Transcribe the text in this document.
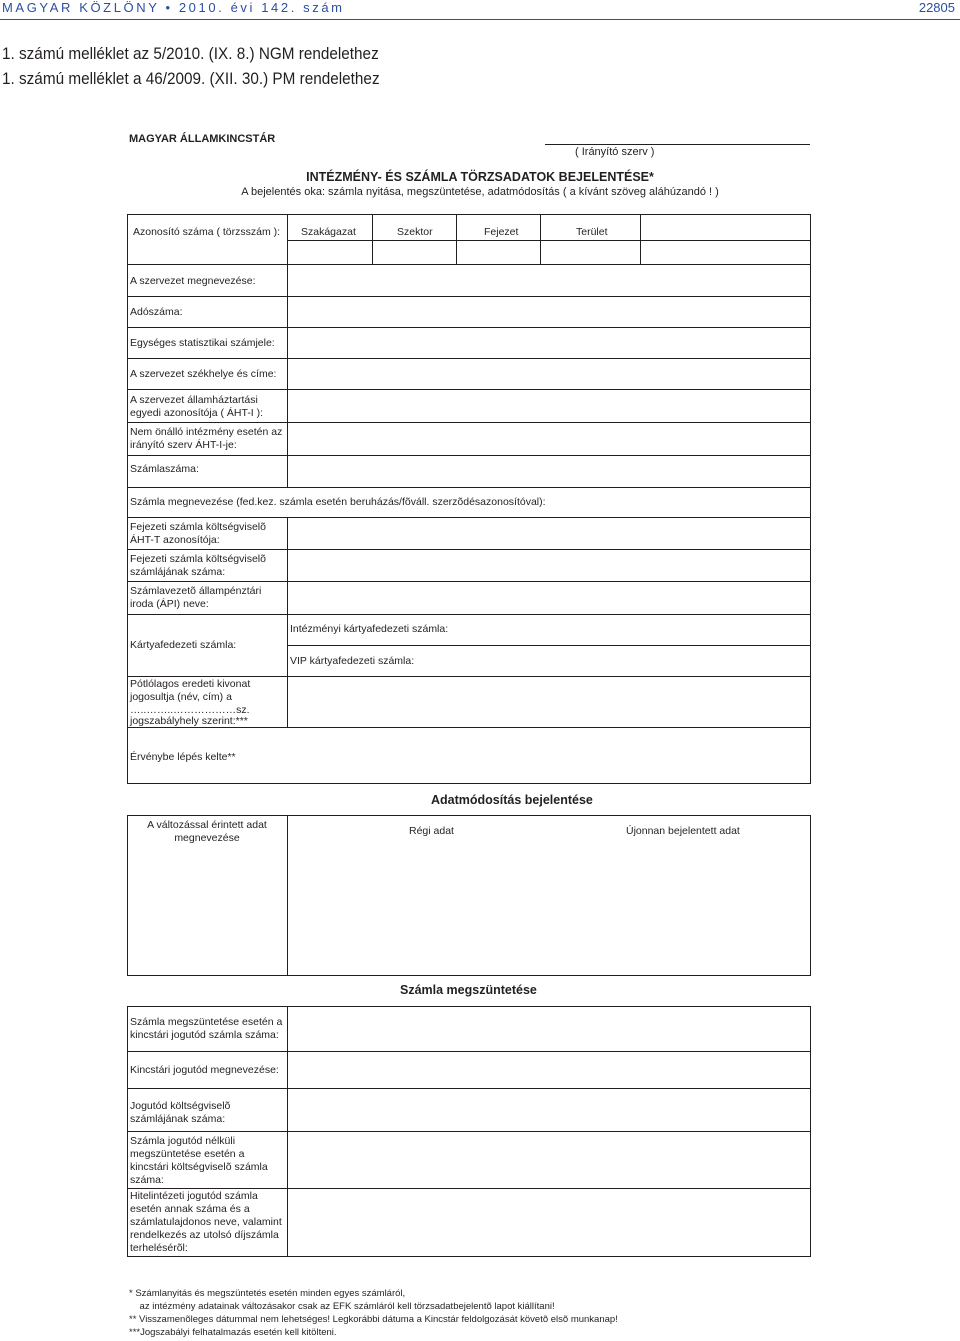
MAGYAR KÖZLÖNY • 2010. évi 142. szám	22805
1. számú melléklet az 5/2010. (IX. 8.) NGM rendelethez
1. számú melléklet a 46/2009. (XII. 30.) PM rendelethez
MAGYAR ÁLLAMKINCSTÁR
( Irányító szerv )
INTÉZMÉNY- ÉS SZÁMLA TÖRZSADATOK BEJELENTÉSE*
A bejelentés oka: számla nyitása, megszüntetése, adatmódosítás ( a kívánt szöveg aláhúzandó ! )
Azonosító száma ( törzsszám ): Szakágazat	Szektor	Fejezet	Terület
A szervezet megnevezése:
Adószáma:
Egységes statisztikai számjele:
A szervezet székhelye és címe:
A szervezet államháztartási
egyedi azonosítója ( ÁHT-I ):
Nem önálló intézmény esetén az
irányító szerv ÁHT-I-je:
Számlaszáma:
Számla megnevezése (fed.kez. számla esetén beruházás/fõváll. szerzõdésazonosítóval):
Fejezeti számla költségviselõ
ÁHT-T azonosítója:
Fejezeti számla költségviselõ
számlájának száma:
Számlavezetõ állampénztári
iroda (ÁPI) neve:
Kártyafedezeti számla:
Intézményi kártyafedezeti számla:
VIP kártyafedezeti számla:
Pótlólagos eredeti kivonat
jogosultja (név, cím) a
…..……..………………sz.
jogszabályhely szerint:***
Érvénybe lépés kelte**
Adatmódosítás bejelentése
A változással érintett adat
megnevezése
Régi adat	Újonnan bejelentett adat
Számla megszüntetése
Számla megszüntetése esetén a
kincstári jogutód számla száma:
Kincstári jogutód megnevezése:
Jogutód költségviselõ
számlájának száma:
Számla jogutód nélküli
megszüntetése esetén a
kincstári költségviselõ számla
száma:
Hitelintézeti jogutód számla
esetén annak száma és a
számlatulajdonos neve, valamint
rendelkezés az utolsó díjszámla
terhelésérõl:
* Számlanyitás és megszüntetés esetén minden egyes számláról,
az intézmény adatainak változásakor csak az EFK számláról kell törzsadatbejelentõ lapot kiállítani!
** Visszamenõleges dátummal nem lehetséges! Legkorábbi dátuma a Kincstár feldolgozását követõ elsõ munkanap!
***Jogszabályi felhatalmazás esetén kell kitölteni.
